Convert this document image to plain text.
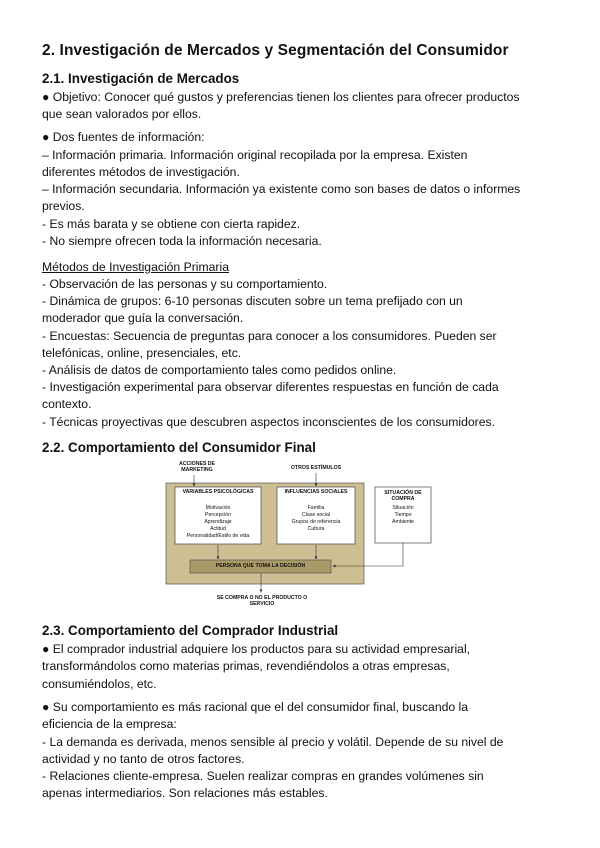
2. Investigación de Mercados y Segmentación del Consumidor
2.1. Investigación de Mercados
● Objetivo: Conocer qué gustos y preferencias tienen los clientes para ofrecer productos
que sean valorados por ellos.
● Dos fuentes de información:
– Información primaria. Información original recopilada por la empresa. Existen
diferentes métodos de investigación.
– Información secundaria. Información ya existente como son bases de datos o informes
previos.
- Es más barata y se obtiene con cierta rapidez.
- No siempre ofrecen toda la información necesaria.
Métodos de Investigación Primaria
- Observación de las personas y su comportamiento.
- Dinámica de grupos: 6-10 personas discuten sobre un tema prefijado con un
moderador que guía la conversación.
- Encuestas: Secuencia de preguntas para conocer a los consumidores. Pueden ser
telefónicas, online, presenciales, etc.
- Análisis de datos de comportamiento tales como pedidos online.
- Investigación experimental para observar diferentes respuestas en función de cada
contexto.
- Técnicas proyectivas que descubren aspectos inconscientes de los consumidores.
2.2. Comportamiento del Consumidor Final
ACCIONES DE MARKETING	OTROS ESTÍMULOS
VARIABLES PSICOLÓGICAS
Motivación
Percepción
Aprendizaje
Actitud
Personalidad/Estilo de vida
INFLUENCIAS SOCIALES
Familia
Clase social
Grupos de referencia
Cultura
SITUACIÓN DE COMPRA
Situación
Tiempo
Ambiente
PERSONA QUE TOMA LA DECISIÓN
SE COMPRA O NO EL PRODUCTO O SERVICIO
2.3. Comportamiento del Comprador Industrial
● El comprador industrial adquiere los productos para su actividad empresarial,
transformándolos como materias primas, revendiéndolos a otras empresas,
consumiéndolos, etc.
● Su comportamiento es más racional que el del consumidor final, buscando la
eficiencia de la empresa:
- La demanda es derivada, menos sensible al precio y volátil. Depende de su nivel de
actividad y no tanto de otros factores.
- Relaciones cliente-empresa. Suelen realizar compras en grandes volúmenes sin
apenas intermediarios. Son relaciones más estables.
